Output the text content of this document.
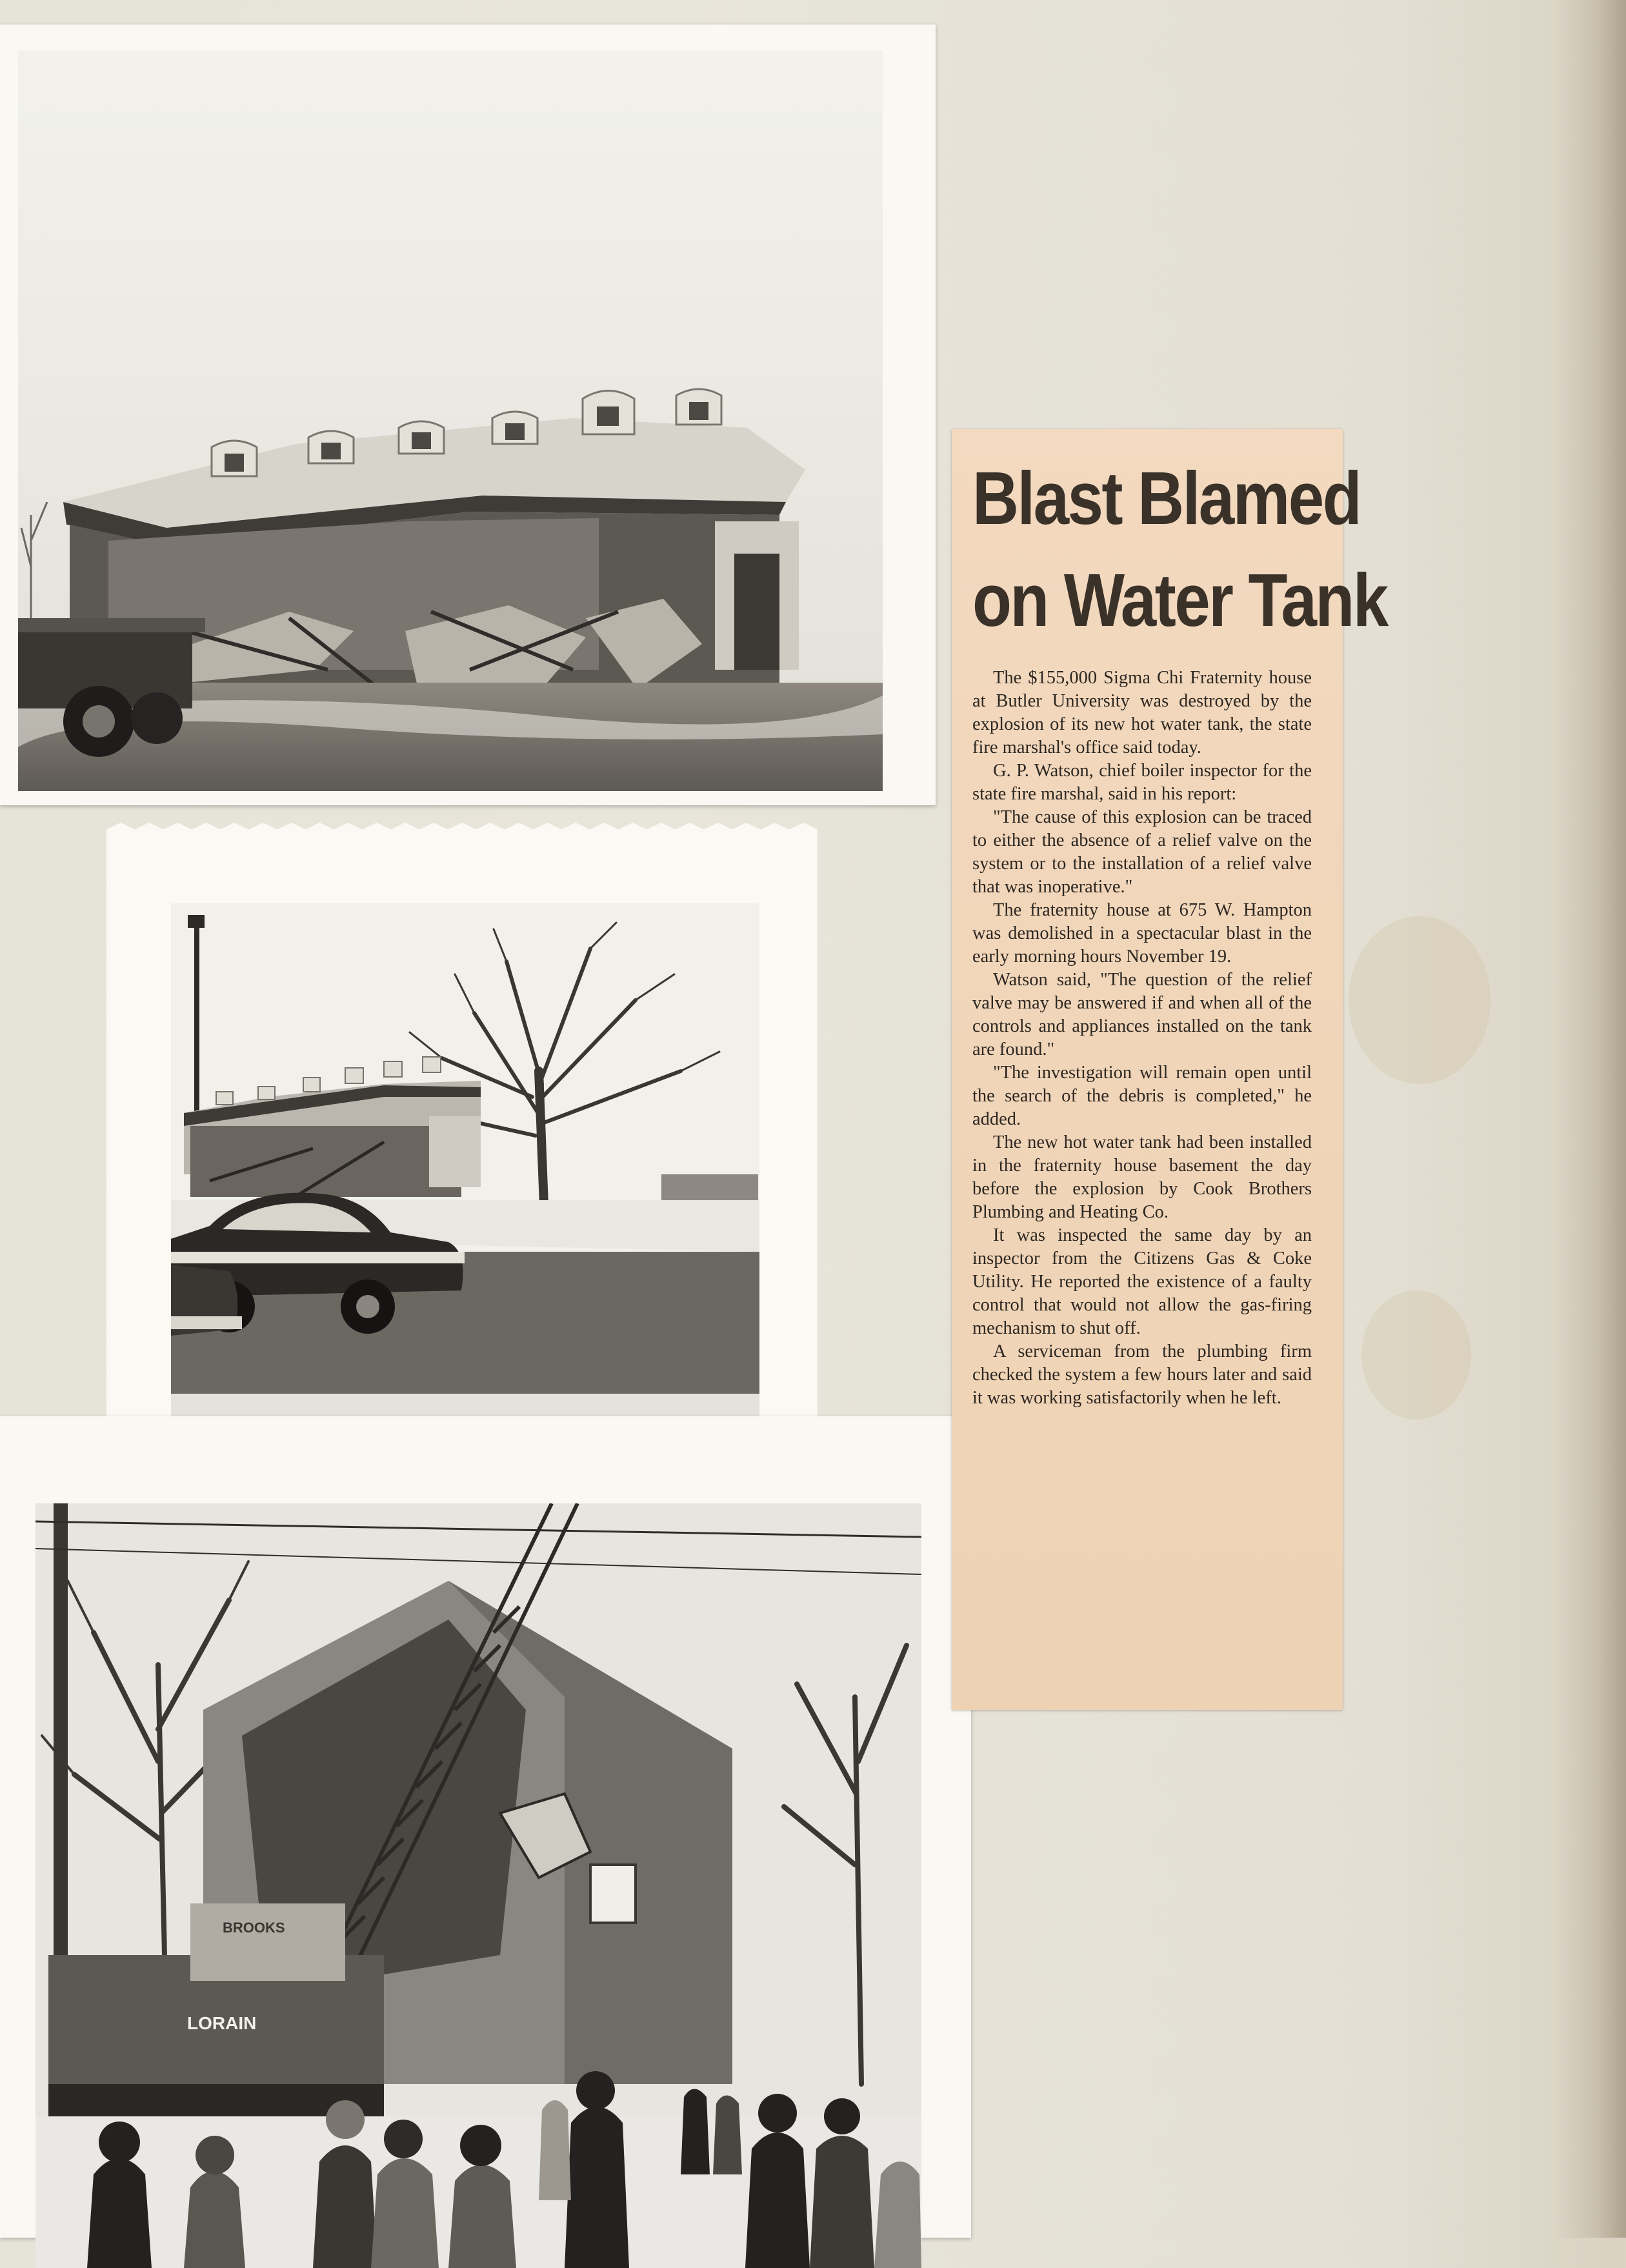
LORAIN
BROOKS
Blast Blamed
on Water Tank

The $155,000 Sigma Chi Fraternity house at Butler University was destroyed by the explosion of its new hot water tank, the state fire marshal's office said today.

G. P. Watson, chief boiler inspector for the state fire marshal, said in his report:

"The cause of this explosion can be traced to either the absence of a relief valve on the system or to the installation of a relief valve that was inoperative."

The fraternity house at 675 W. Hampton was demolished in a spectacular blast in the early morning hours November 19.

Watson said, "The question of the relief valve may be answered if and when all of the controls and appliances installed on the tank are found."

"The investigation will remain open until the search of the debris is completed," he added.

The new hot water tank had been installed in the fraternity house basement the day before the explosion by Cook Brothers Plumbing and Heating Co.

It was inspected the same day by an inspector from the Citizens Gas & Coke Utility. He reported the existence of a faulty control that would not allow the gas-firing mechanism to shut off.

A serviceman from the plumbing firm checked the system a few hours later and said it was working satisfactorily when he left.
